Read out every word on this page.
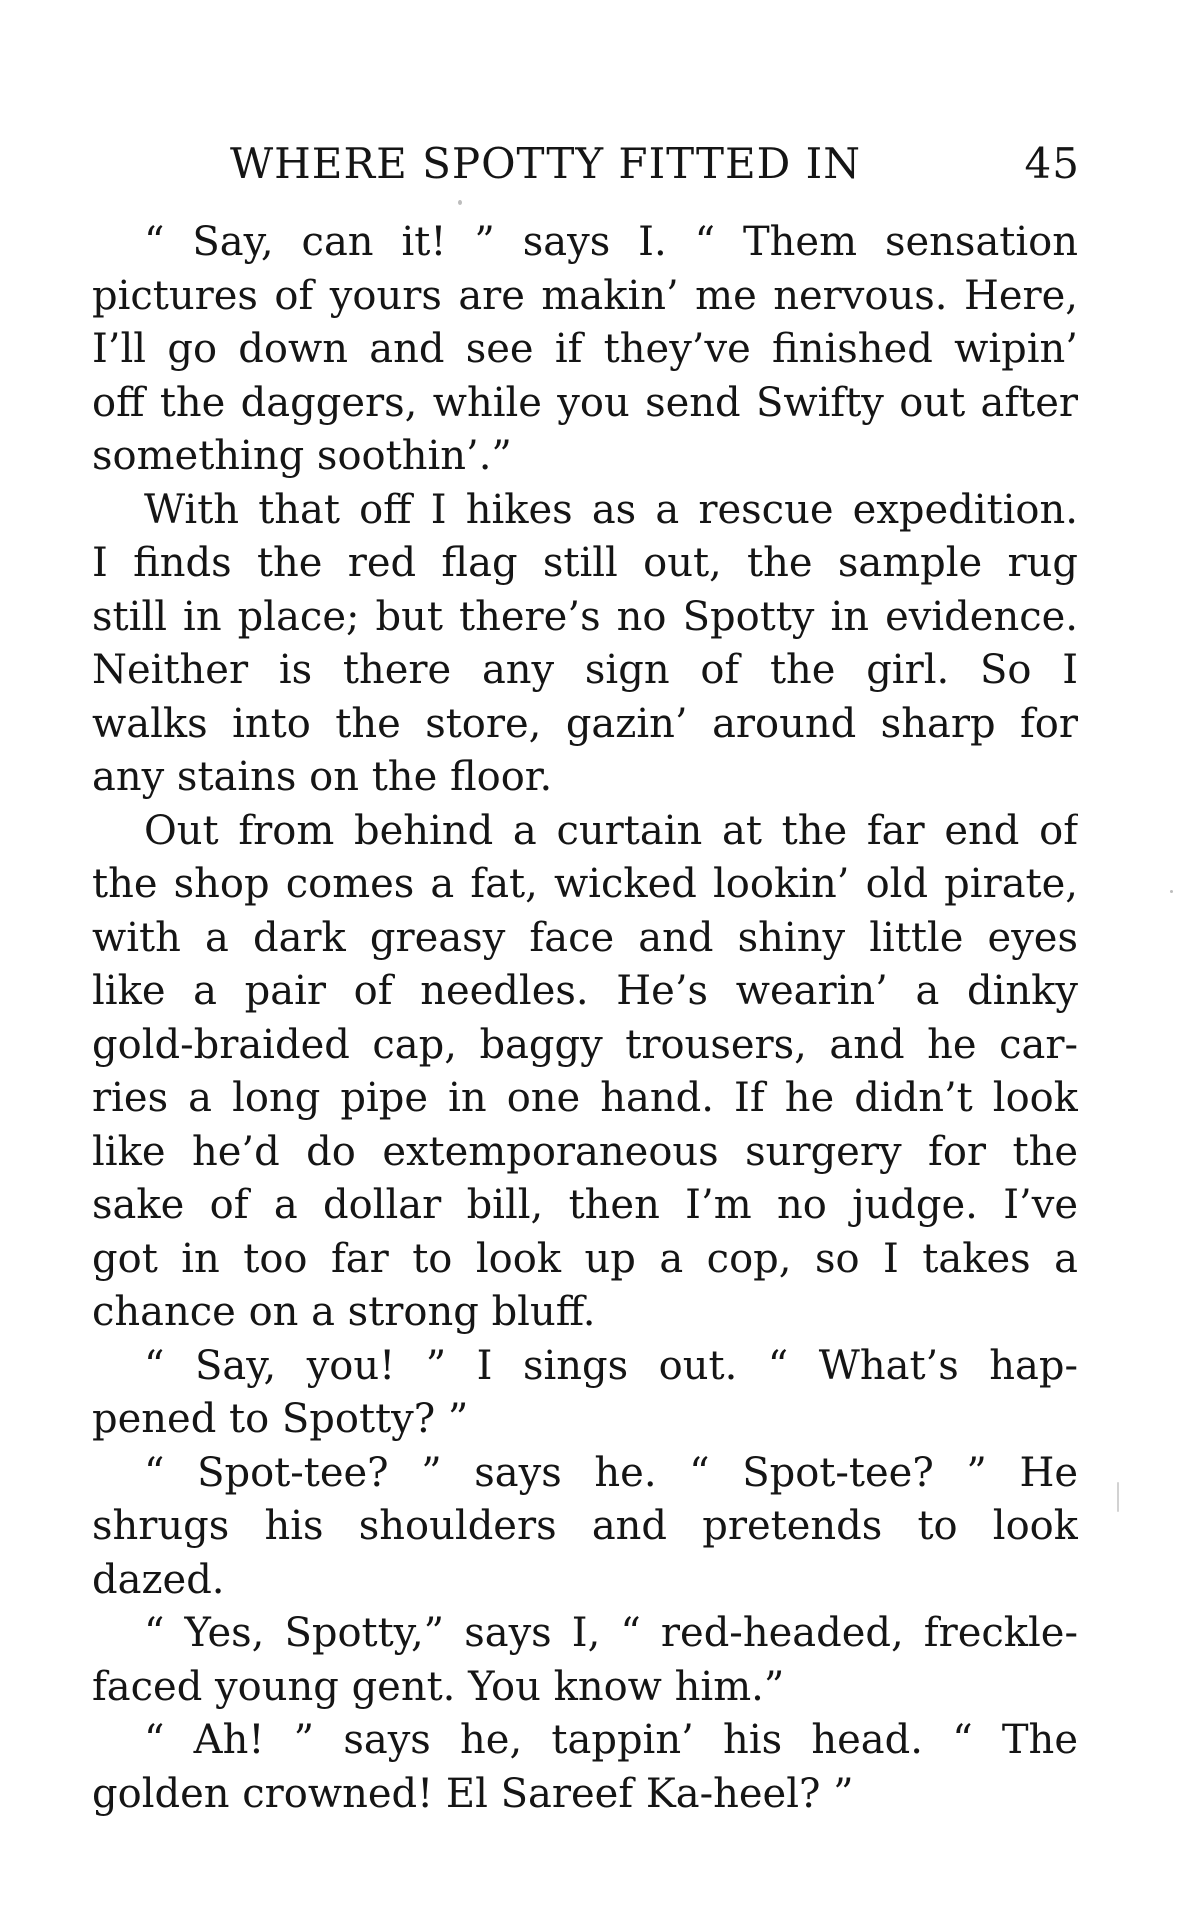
WHERE SPOTTY FITTED IN	45
“ Say, can it! ” says I. “ Them sensation
pictures of yours are makin’ me nervous. Here,
I’ll go down and see if they’ve finished wipin’
off the daggers, while you send Swifty out after
something soothin’.”
With that off I hikes as a rescue expedition.
I finds the red flag still out, the sample rug
still in place; but there’s no Spotty in evidence.
Neither is there any sign of the girl. So I
walks into the store, gazin’ around sharp for
any stains on the floor.
Out from behind a curtain at the far end of
the shop comes a fat, wicked lookin’ old pirate,
with a dark greasy face and shiny little eyes
like a pair of needles. He’s wearin’ a dinky
gold-braided cap, baggy trousers, and he car-
ries a long pipe in one hand. If he didn’t look
like he’d do extemporaneous surgery for the
sake of a dollar bill, then I’m no judge. I’ve
got in too far to look up a cop, so I takes a
chance on a strong bluff.
“ Say, you! ” I sings out. “ What’s hap-
pened to Spotty? ”
“ Spot-tee? ” says he. “ Spot-tee? ” He
shrugs his shoulders and pretends to look
dazed.
“ Yes, Spotty,” says I, “ red-headed, freckle-
faced young gent. You know him.”
“ Ah! ” says he, tappin’ his head. “ The
golden crowned! El Sareef Ka-heel? ”
